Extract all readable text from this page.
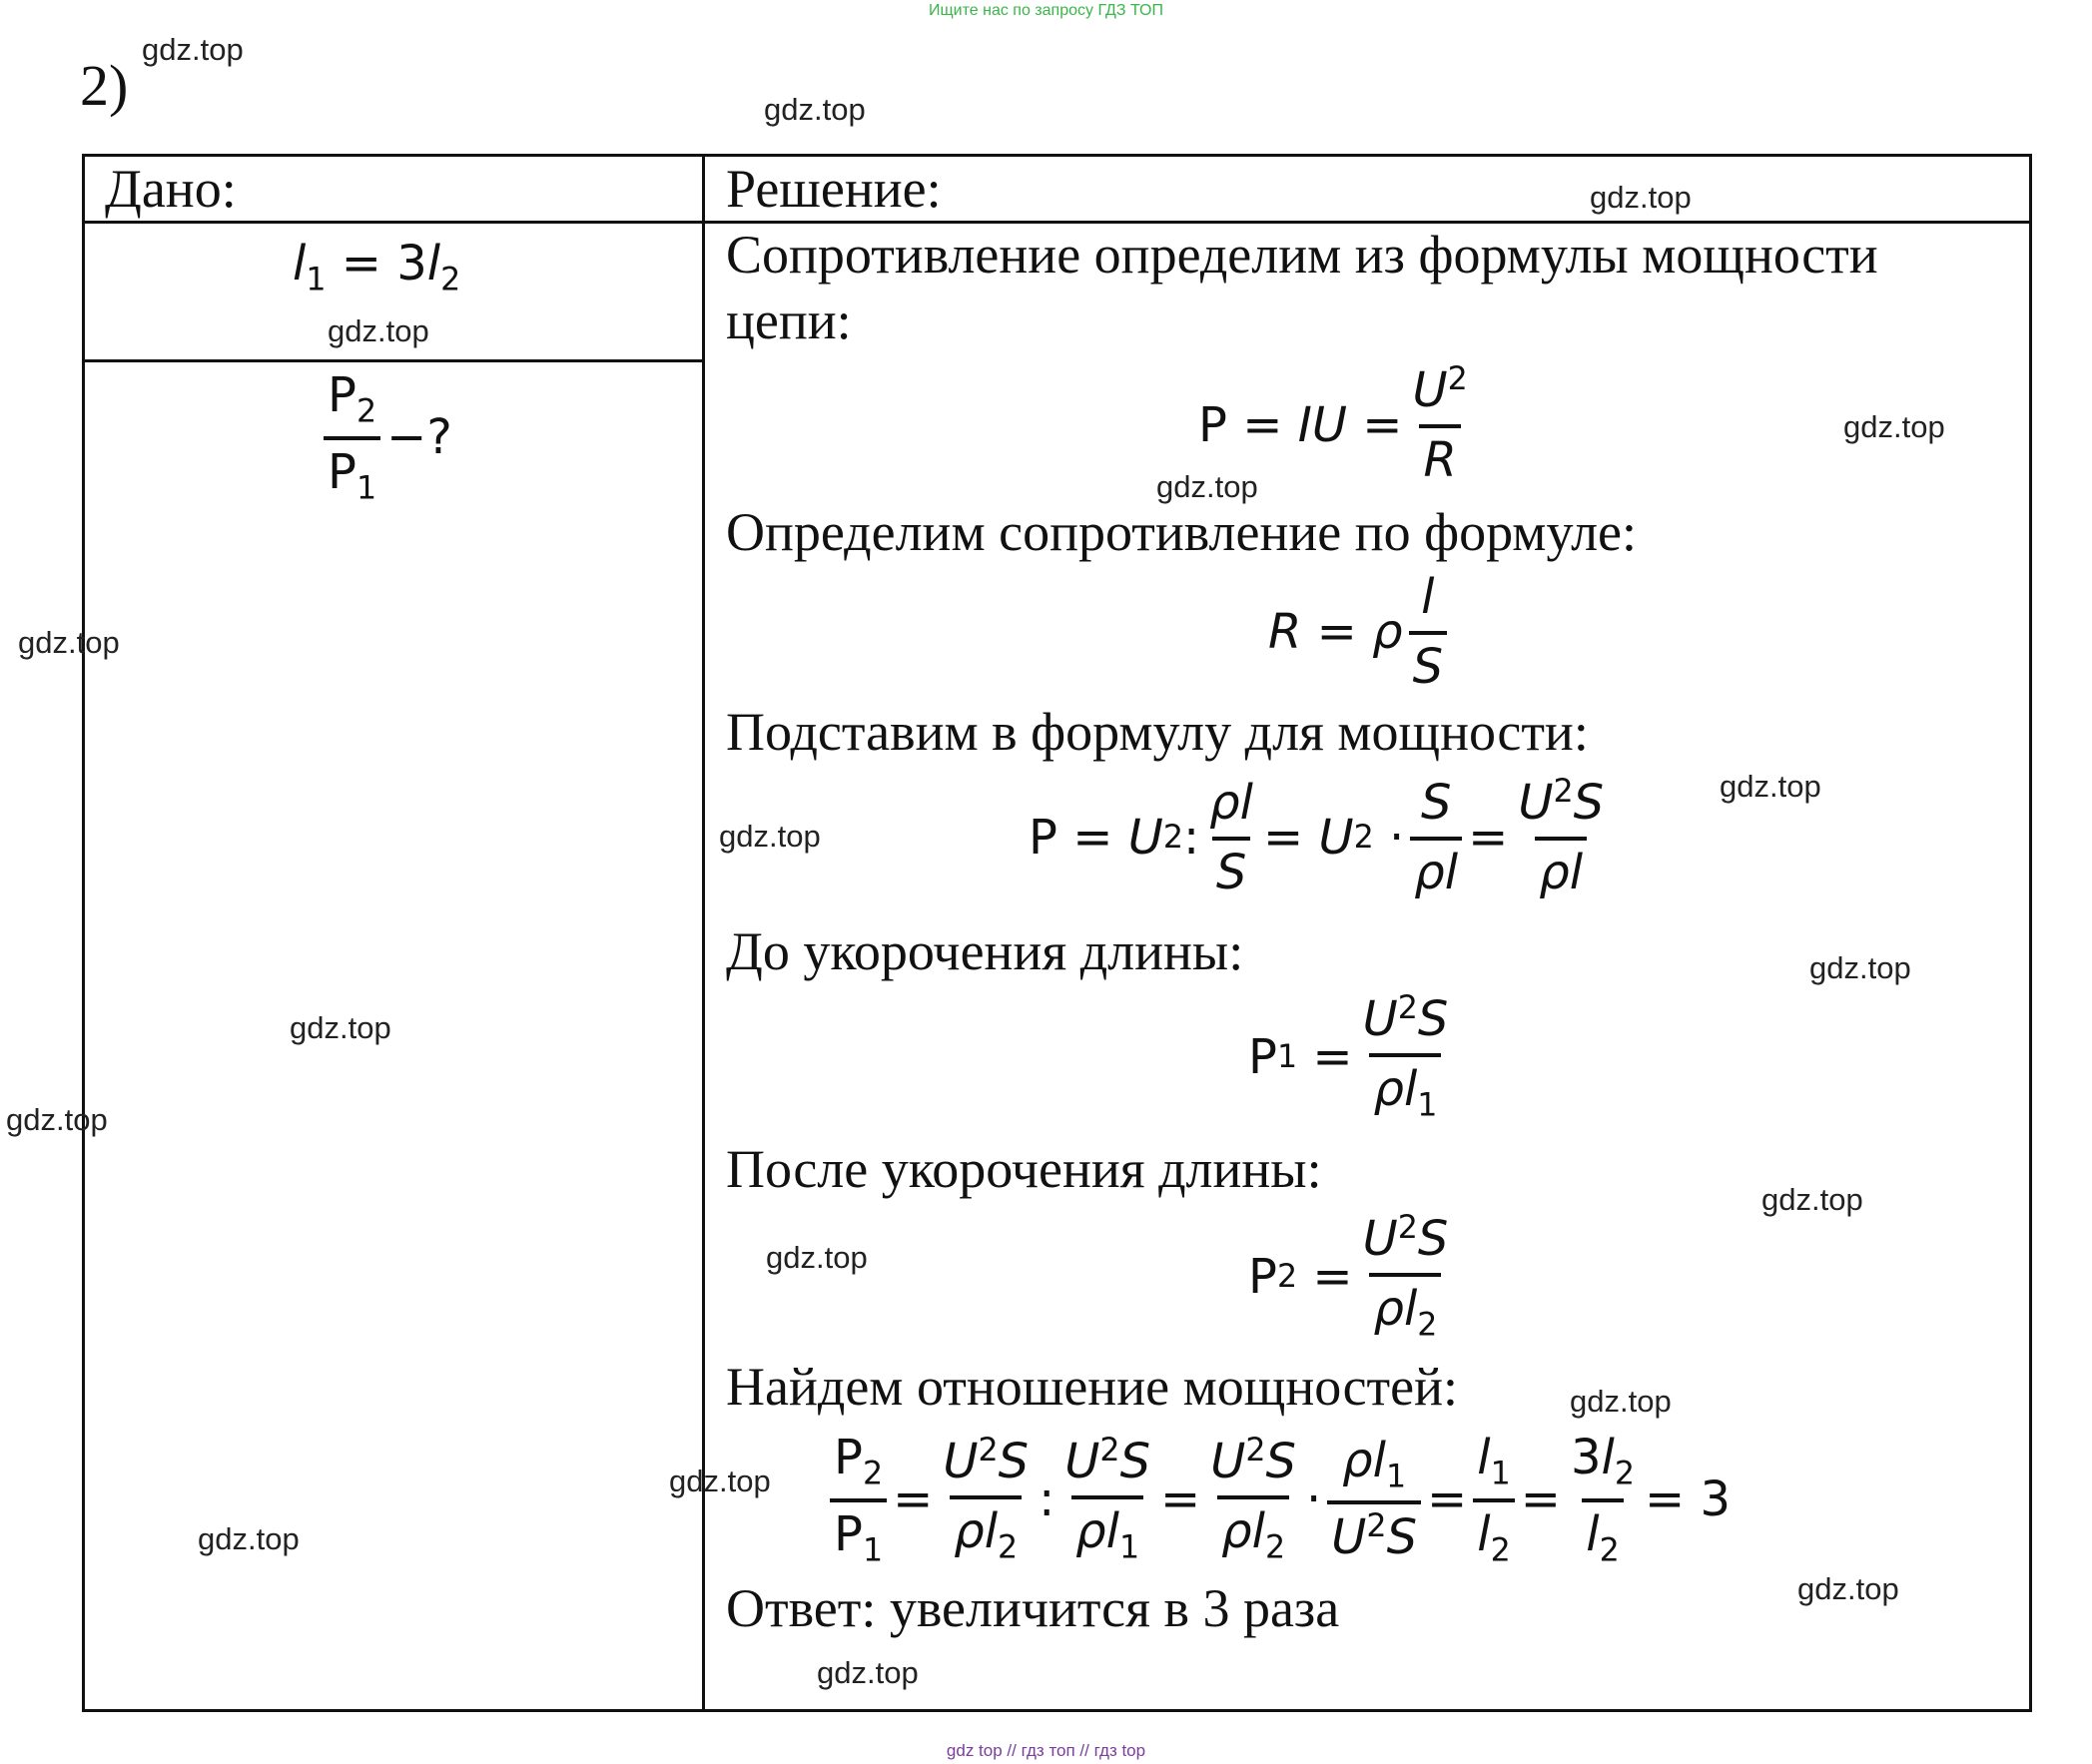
Ищите нас по запросу ГДЗ ТОП
2)
Дано:	Решение:
$l_1 = 3l_2$
$P_2$
$P_1$
−?
Сопротивление определим из формулы мощности
цепи:
P
=
I U
= $\frac{U^2}{R}$
Определим сопротивление по формуле:
R
=
ρ
l
S
Подставим в формулу для мощности:
P
=
U 2 : $\frac{\rho l}{S}$ =
U 2
· $\frac{S}{\rho l} = \frac{U^2S}{\rho l}$
До укорочения длины:
P 1
= $\frac{U^2S}{\rho l_1}$
После укорочения длины:
P 2
= $\frac{U^2S}{\rho l_2}$
Найдем отношение мощностей:
$\frac{P_2}{P_1} = \frac{U^2S}{\rho l_2}$ : $\frac{U^2S}{\rho l_1} = \frac{U^2S}{\rho l_2} \cdot \frac{\rho l_1}{U^2S} = \frac{l_1}{l_2} = \frac{3l_2}{l_2}$ =
3
Ответ: увеличится в 3 раза
gdz.top
gdz.top
gdz.top
gdz.top
gdz.top
gdz.top
gdz.top
gdz.top
gdz.top
gdz.top
gdz.top
gdz.top
gdz.top
gdz.top
gdz.top
gdz.top
gdz.top
gdz.top
gdz.top
gdz top // гдз топ // гдз top
